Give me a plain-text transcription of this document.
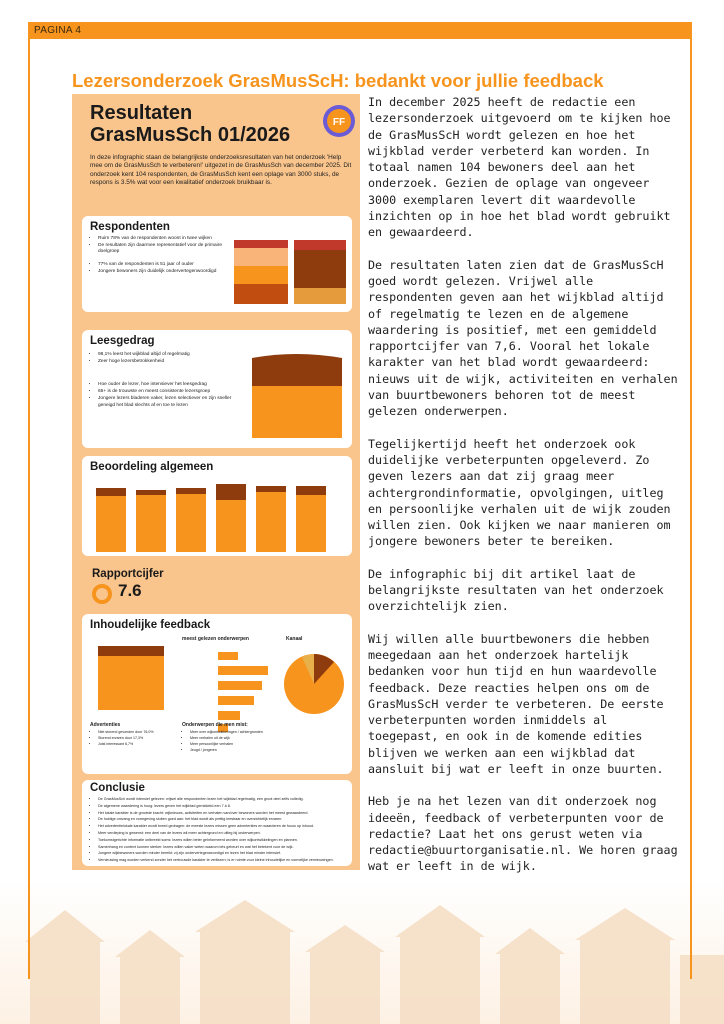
PAGINA 4
Lezersonderzoek GrasMusScH: bedankt voor jullie feedback
Resultaten
GrasMusSch 01/2026
FF
In deze infographic staan de belangrijkste onderzoeksresultaten van het onderzoek 'Help mee om de GrasMusSch te verbeteren!' uitgezet in de GrasMusSch van december 2025. Dit onderzoek kent 104 respondenten, de GrasMusSch kent een oplage van 3000 stuks, de respons is 3.5% wat voor een kwalitatief onderzoek bruikbaar is.
Respondenten
• Ruim 78% van de respondenten woont in twee wijken
• De resultaten zijn daarmee representatief voor de primaire doelgroep
• 77% van de respondenten is 51 jaar of ouder
• Jongere bewoners zijn duidelijk ondervertegenwoordigd
Leesgedrag
• 98,1% leest het wijkblad altijd of regelmatig
• Zeer hoge lezersbetrokkenheid
• Hoe ouder de lezer, hoe intensiever het leesgedrag
• 65+ is de trouwste en meest consistente lezersgroep
• Jongere lezers bladeren vaker, lezen selectiever en zijn sneller geneigd het blad slechts af en toe te lezen
Beoordeling algemeen
Rapportcijfer
7.6
Inhoudelijke feedback
meest gelezen onderwerpen	Kanaal
Advertenties
• Niet storend gevonden door 76,0%
• Storend ervaren door 17,3%
• Juist interessant 6,7%
Onderwerpen die men mist:
• Meer over wijkontwikkelingen / achtergronden
• Meer verhalen uit de wijk
• Meer persoonlijke verhalen
• Jeugd / jongeren
Conclusie
• De GrasMusSch wordt intensief gelezen: vrijwel alle respondenten lezen het wijkblad regelmatig, een groot deel zelfs volledig.
• De algemene waardering is hoog: lezers geven het wijkblad gemiddeld een 7 à 8.
• Het lokale karakter is de grootste kracht: wijknieuws, activiteiten en verhalen van/over bewoners worden het meest gewaardeerd.
• De huidige omvang en vormgeving sluiten goed aan: het blad wordt als prettig leesbaar en overzichtelijk ervaren.
• Het advertentielokale karakter wordt breed gedragen: de meeste lezers missen geen advertenties en waarderen de focus op inhoud.
• Meer verdieping is gewenst: een deel van de lezers wil meer achtergrond en uitleg bij onderwerpen.
• Toekomstgerichte informatie ontbreekt soms: lezers willen beter geïnformeerd worden over wijkontwikkelingen en plannen.
• Samenhang en context kunnen sterker: lezers willen vaker weten waarom iets gebeurt en wat het betekent voor de wijk.
• Jongere wijkbewoners worden minder bereikt: zij zijn ondervertegenwoordigd en lezen het blad minder intensief.
• Vernieuwing mag worden verkend zonder het vertrouwde karakter te verliezen; is er ruimte voor kleine inhoudelijke en vormelijke vernieuwingen.

In december 2025 heeft de redactie een lezersonderzoek uitgevoerd om te kijken hoe de GrasMusScH wordt gelezen en hoe het wijkblad verder verbeterd kan worden. In totaal namen 104 bewoners deel aan het onderzoek. Gezien de oplage van ongeveer 3000 exemplaren levert dit waardevolle inzichten op in hoe het blad wordt gebruikt en gewaardeerd.

De resultaten laten zien dat de GrasMusScH goed wordt gelezen. Vrijwel alle respondenten geven aan het wijkblad altijd of regelmatig te lezen en de algemene waardering is positief, met een gemiddeld rapportcijfer van 7,6. Vooral het lokale karakter van het blad wordt gewaardeerd: nieuws uit de wijk, activiteiten en verhalen van buurtbewoners behoren tot de meest gelezen onderwerpen.

Tegelijkertijd heeft het onderzoek ook duidelijke verbeterpunten opgeleverd. Zo geven lezers aan dat zij graag meer achtergrondinformatie, opvolgingen, uitleg en persoonlijke verhalen uit de wijk zouden willen zien. Ook kijken we naar manieren om jongere bewoners beter te bereiken.

De infographic bij dit artikel laat de belangrijkste resultaten van het onderzoek overzichtelijk zien.

Wij willen alle buurtbewoners die hebben meegedaan aan het onderzoek hartelijk bedanken voor hun tijd en hun waardevolle feedback. Deze reacties helpen ons om de GrasMusScH verder te verbeteren. De eerste verbeterpunten worden inmiddels al toegepast, en ook in de komende edities blijven we werken aan een wijkblad dat aansluit bij wat er leeft in onze buurten.

Heb je na het lezen van dit onderzoek nog ideeën, feedback of verbeterpunten voor de redactie? Laat het ons gerust weten via redactie@buurtorganisatie.nl. We horen graag wat er leeft in de wijk.
